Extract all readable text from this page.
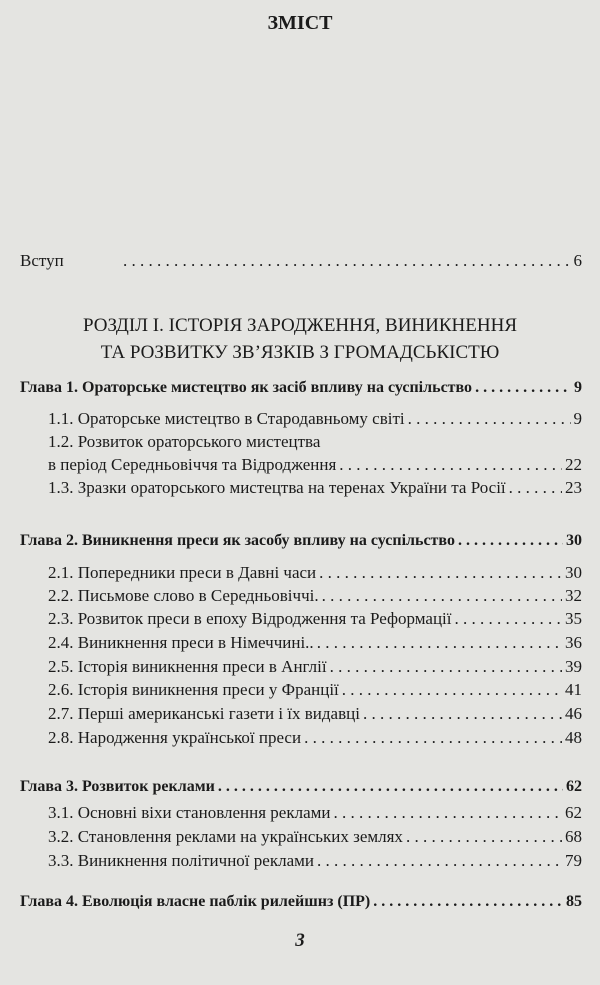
ЗМІСТ
Вступ . . .	6
РОЗДІЛ І. ІСТОРІЯ ЗАРОДЖЕННЯ, ВИНИКНЕННЯ
ТА РОЗВИТКУ ЗВ’ЯЗКІВ З ГРОМАДСЬКІСТЮ
Глава 1. Ораторське мистецтво як засіб впливу на суспільство . . .	9
1.1. Ораторське мистецтво в Стародавньому світі . . .	9
1.2. Розвиток ораторського мистецтва
в період Середньовіччя та Відродження . . .	22
1.3. Зразки ораторського мистецтва на теренах України та Росії . . .	23
Глава 2. Виникнення преси як засобу впливу на суспільство . . .	30
2.1. Попередники преси в Давні часи . . .	30
2.2. Письмове слово в Середньовіччі. . . .	32
2.3. Розвиток преси в епоху Відродження та Реформації . . .	35
2.4. Виникнення преси в Німеччині.. . . .	36
2.5. Історія виникнення преси в Англії . . .	39
2.6. Історія виникнення преси у Франції . . .	41
2.7. Перші американські газети і їх видавці . . .	46
2.8. Народження української преси . . .	48
Глава 3. Розвиток реклами . . .	62
3.1. Основні віхи становлення реклами . . .	62
3.2. Становлення реклами на українських землях . . .	68
3.3. Виникнення політичної реклами . . .	79
Глава 4. Еволюція власне паблік рилейшнз (ПР) . . .	85
3
